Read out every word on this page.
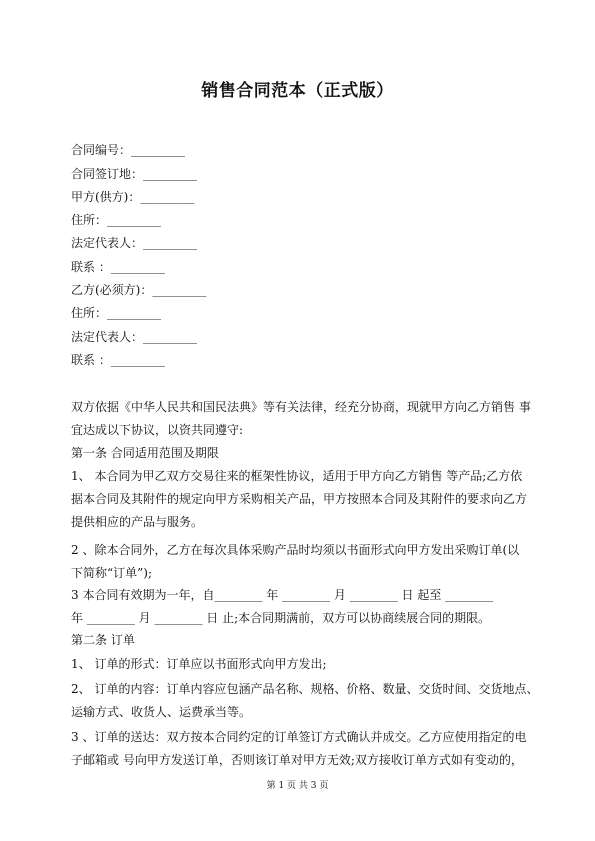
销售合同范本（正式版）
合同编号：_________
合同签订地：_________
甲方(供方)：_________
住所：_________
法定代表人：_________
联系 ：_________
乙方(必须方)：_________
住所：_________
法定代表人：_________
联系 ：_________
双方依据《中华人民共和国民法典》等有关法律，经充分协商，现就甲方向乙方销售 事
宜达成以下协议，以资共同遵守:
第一条 合同适用范围及期限
1、 本合同为甲乙双方交易往来的框架性协议，适用于甲方向乙方销售 等产品;乙方依
据本合同及其附件的规定向甲方采购相关产品，甲方按照本合同及其附件的要求向乙方
提供相应的产品与服务。
2 、除本合同外，乙方在每次具体采购产品时均须以书面形式向甲方发出采购订单(以
下简称“订单”);
3 本合同有效期为一年，自________ 年 ________ 月 ________ 日 起至 ________
年 ________ 月 ________ 日 止;本合同期满前，双方可以协商续展合同的期限。
第二条 订单
1、 订单的形式：订单应以书面形式向甲方发出;
2、 订单的内容：订单内容应包涵产品名称、规格、价格、数量、交货时间、交货地点、
运输方式、收货人、运费承当等。
3 、订单的送达：双方按本合同约定的订单签订方式确认并成交。乙方应使用指定的电
子邮箱或 号向甲方发送订单，否则该订单对甲方无效;双方接收订单方式如有变动的，
第 1 页 共 3 页
